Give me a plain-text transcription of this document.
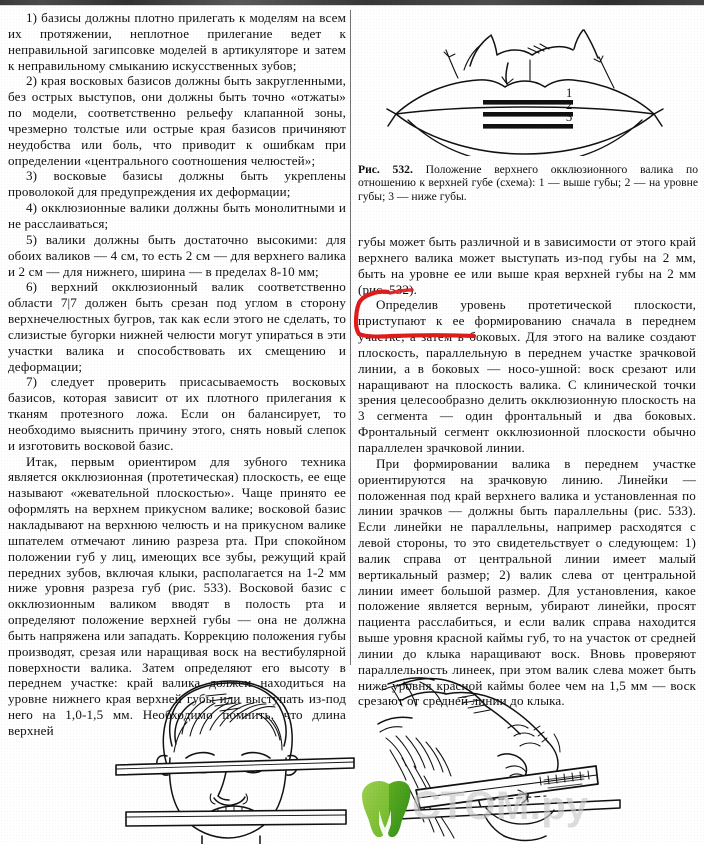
1) базисы должны плотно прилегать к моделям на всем их протяжении, неплотное прилегание ведет к неправильной загипсовке моделей в артикуляторе и затем к неправильному смыканию искусственных зубов;

2) края восковых базисов должны быть закругленными, без острых выступов, они должны быть точно «отжаты» по модели, соответственно рельефу клапанной зоны, чрезмерно толстые или острые края базисов причиняют неудобства или боль, что приводит к ошибкам при определении «центрального соотношения челюстей»;

3) восковые базисы должны быть укреплены проволокой для предупреждения их деформации;

4) окклюзионные валики должны быть монолитными и не расслаиваться;

5) валики должны быть достаточно высокими: для обоих валиков — 4 см, то есть 2 см — для верхнего валика и 2 см — для нижнего, ширина — в пределах 8-10 мм;

6) верхний окклюзионный валик соответственно области 7|7 должен быть срезан под углом в сторону верхнечелюстных бугров, так как если этого не сделать, то слизистые бугорки нижней челюсти могут упираться в эти участки валика и способствовать их смещению и деформации;

7) следует проверить присасываемость восковых базисов, которая зависит от их плотного прилегания к тканям протезного ложа. Если он балансирует, то необходимо выяснить причину этого, снять новый слепок и изготовить восковой базис.

Итак, первым ориентиром для зубного техника является окклюзионная (протетическая) плоскость, ее еще называют «жевательной плоскостью». Чаще принято ее оформлять на верхнем прикусном валике; восковой базис накладывают на верхнюю челюсть и на прикусном валике шпателем отмечают линию разреза рта. При спокойном положении губ у лиц, имеющих все зубы, режущий край передних зубов, включая клыки, располагается на 1-2 мм ниже уровня разреза губ (рис. 533). Восковой базис с окклюзионным валиком вводят в полость рта и определяют положение верхней губы — она не должна быть напряжена или западать. Коррекцию положения губы производят, срезая или наращивая воск на вестибулярной поверхности валика. Затем определяют его высоту в переднем участке: край валика должен находиться на уровне нижнего края верхней губы или выступать из-под него на 1,0-1,5 мм. Необходимо помнить, что длина верхней

1
2
3

Рис. 532. Положение верхнего окклюзионного валика по отношению к верхней губе (схема): 1 — выше губы; 2 — на уровне губы; 3 — ниже губы.

губы может быть различной и в зависимости от этого край верхнего валика может выступать из-под губы на 2 мм, быть на уровне ее или выше края верхней губы на 2 мм (рис. 532).

Определив уровень протетической плоскости, приступают к ее формированию сначала в переднем участке, а затем в боковых. Для этого на валике создают плоскость, параллельную в переднем участке зрачковой линии, а в боковых — носо-ушной: воск срезают или наращивают на плоскость валика. С клинической точки зрения целесообразно делить окклюзионную плоскость на 3 сегмента — один фронтальный и два боковых. Фронтальный сегмент окклюзионной плоскости обычно параллелен зрачковой линии.

При формировании валика в переднем участке ориентируются на зрачковую линию. Линейки — положенная под край верхнего валика и установленная по линии зрачков — должны быть параллельны (рис. 533). Если линейки не параллельны, например расходятся с левой стороны, то это свидетельствует о следующем: 1) валик справа от центральной линии имеет малый вертикальный размер; 2) валик слева от центральной линии имеет большой размер. Для установления, какое положение является верным, убирают линейки, просят пациента расслабиться, и если валик справа находится выше уровня красной каймы губ, то на участок от средней линии до клыка наращивают воск. Вновь проверяют параллельность линеек, при этом валик слева может быть ниже уровня красной каймы более чем на 1,5 мм — воск срезают от средней линии до клыка.

СТОМ.ру
